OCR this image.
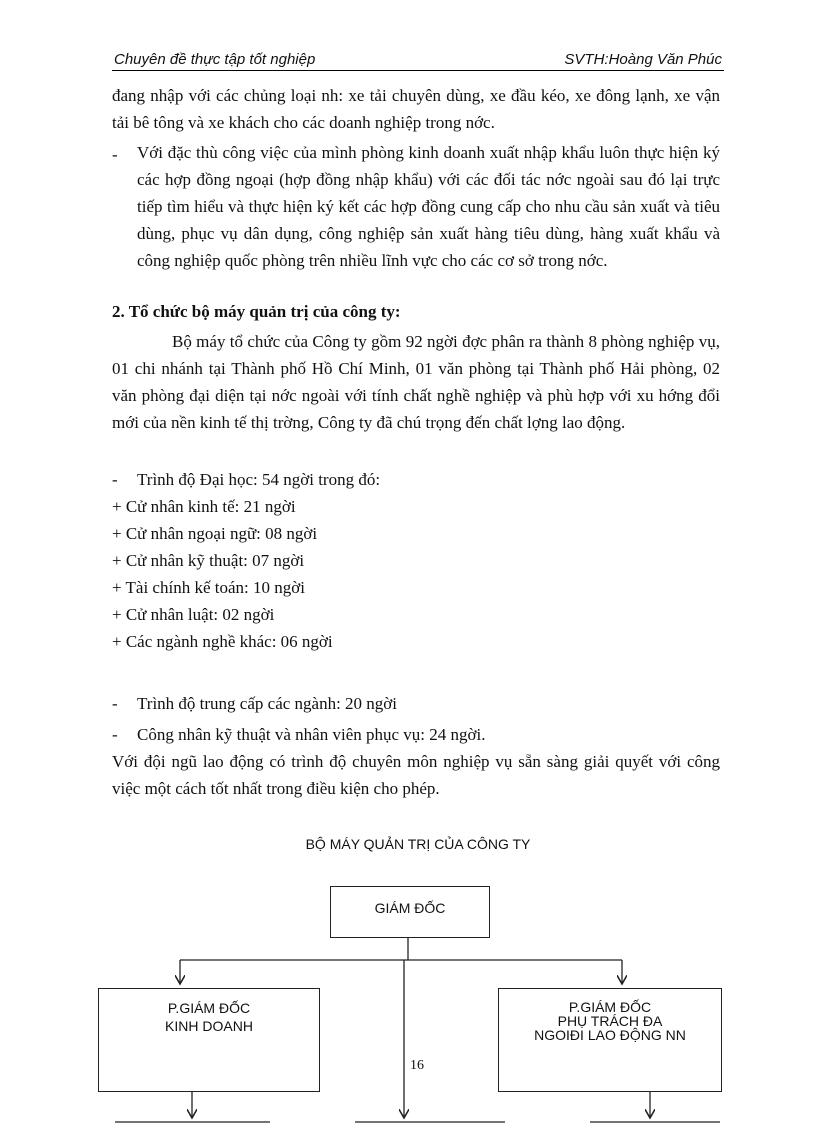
Chuyên đề thực tập tốt nghiệp	SVTH:Hoàng Văn Phúc

đang nhập với các chủng loại nh: xe tải chuyên dùng, xe đầu kéo, xe đông lạnh, xe vận tải bê tông và xe khách cho các doanh nghiệp trong nớc.

- Với đặc thù công việc của mình phòng kinh doanh xuất nhập khẩu luôn thực hiện ký các hợp đồng ngoại (hợp đồng nhập khẩu) với các đối tác nớc ngoài sau đó lại trực tiếp tìm hiểu và thực hiện ký kết các hợp đồng cung cấp cho nhu cầu sản xuất và tiêu dùng, phục vụ dân dụng, công nghiệp sản xuất hàng tiêu dùng, hàng xuất khẩu và công nghiệp quốc phòng trên nhiều lĩnh vực cho các cơ sở trong nớc.

2. Tổ chức bộ máy quản trị của công ty:

Bộ máy tổ chức của Công ty gồm 92 ngời đợc phân ra thành 8 phòng nghiệp vụ, 01 chi nhánh tại Thành phố Hồ Chí Minh, 01 văn phòng tại Thành phố Hải phòng, 02 văn phòng đại diện tại nớc ngoài với tính chất nghề nghiệp và phù hợp với xu hớng đổi mới của nền kinh tế thị trờng, Công ty đã chú trọng đến chất lợng lao động.

- Trình độ Đại học: 54 ngời trong đó:
+ Cử nhân kinh tế: 21 ngời
+ Cử nhân ngoại ngữ: 08 ngời
+ Cử nhân kỹ thuật: 07 ngời
+ Tài chính kế toán: 10 ngời
+ Cử nhân luật: 02 ngời
+ Các ngành nghề khác: 06 ngời
- Trình độ trung cấp các ngành: 20 ngời
- Công nhân kỹ thuật và nhân viên phục vụ: 24 ngời.

Với đội ngũ lao động có trình độ chuyên môn nghiệp vụ sẵn sàng giải quyết với công việc một cách tốt nhất trong điều kiện cho phép.

BỘ MÁY QUẢN TRỊ CỦA CÔNG TY
GIÁM ĐỐC
P.GIÁM ĐỐC
KINH DOANH
P.GIÁM ĐỐC
PHỤ TRÁCH ĐA
NGOIĐI LAO ĐỘNG NN
16
